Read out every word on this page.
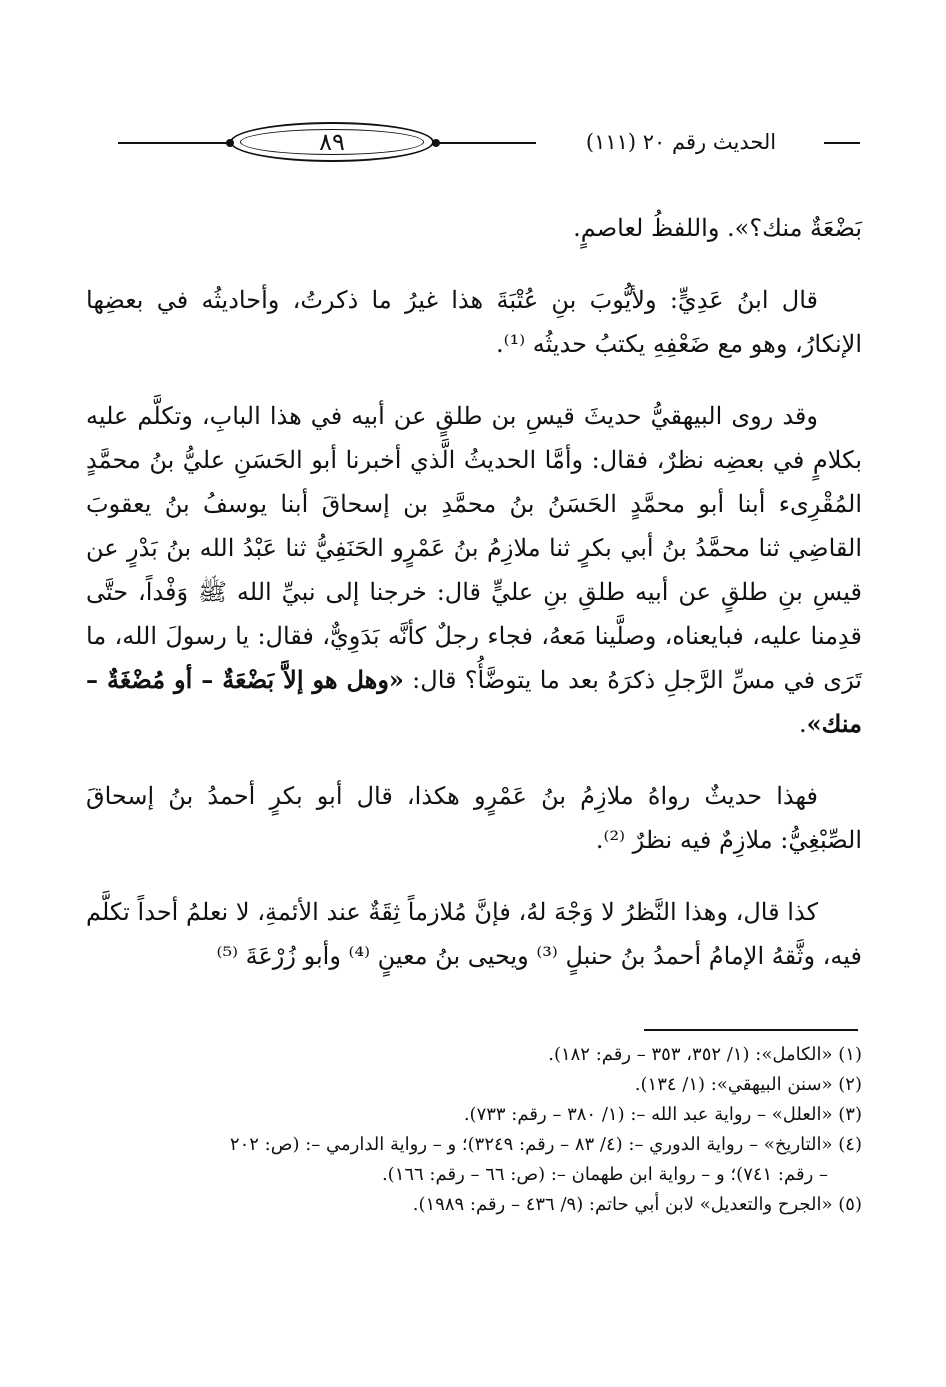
٨٩	الحديث رقم ٢٠ (١١١)

بَضْعَةٌ منك؟». واللفظُ لعاصمٍ.

قال ابنُ عَدِيٍّ: ولأيُّوبَ بنِ عُتْبَةَ هذا غيرُ ما ذكرتُ، وأحاديثُه في بعضِها الإنكارُ، وهو مع ضَعْفِهِ يكتبُ حديثُه ⁽¹⁾.

وقد روى البيهقيُّ حديثَ قيسِ بن طلقٍ عن أبيه في هذا البابِ، وتكلَّم عليه بكلامٍ في بعضِه نظرٌ، فقال: وأمَّا الحديثُ الَّذي أخبرنا أبو الحَسَنِ عليُّ بنُ محمَّدٍ المُقْرِىء أبنا أبو محمَّدٍ الحَسَنُ بنُ محمَّدِ بن إسحاقَ أبنا يوسفُ بنُ يعقوبَ القاضِي ثنا محمَّدُ بنُ أبي بكرٍ ثنا ملازِمُ بنُ عَمْرٍو الحَنَفِيُّ ثنا عَبْدُ الله بنُ بَدْرٍ عن قيسِ بنِ طلقٍ عن أبيه طلقِ بنِ عليٍّ قال: خرجنا إلى نبيِّ الله ﷺ وَفْداً، حتَّى قدِمنا عليه، فبايعناه، وصلَّينا مَعهُ، فجاء رجلٌ كأنَّه بَدَوِيٌّ، فقال: يا رسولَ الله، ما تَرَى في مسِّ الرَّجلِ ذكرَهُ بعد ما يتوضَّأُ؟ قال: «وهل هو إلاَّ بَضْعَةٌ – أو مُضْغَةٌ – منك».

فهذا حديثٌ رواهُ ملازِمُ بنُ عَمْرٍو هكذا، قال أبو بكرٍ أحمدُ بنُ إسحاقَ الصِّبْغِيُّ: ملازِمٌ فيه نظرٌ ⁽²⁾.

كذا قال، وهذا النَّظرُ لا وَجْهَ لهُ، فإنَّ مُلازماً ثِقَةٌ عند الأئمةِ، لا نعلمُ أحداً تكلَّم فيه، وثَّقهُ الإمامُ أحمدُ بنُ حنبلٍ ⁽³⁾ ويحيى بنُ معينٍ ⁽⁴⁾ وأبو زُرْعَةَ ⁽⁵⁾

(١) «الكامل»: (١/ ٣٥٢، ٣٥٣ – رقم: ١٨٢).

(٢) «سنن البيهقي»: (١/ ١٣٤).

(٣) «العلل» – رواية عبد الله –: (١/ ٣٨٠ – رقم: ٧٣٣).

(٤) «التاريخ» – رواية الدوري –: (٤/ ٨٣ – رقم: ٣٢٤٩)؛ و – رواية الدارمي –: (ص: ٢٠٢

– رقم: ٧٤١)؛ و – رواية ابن طهمان –: (ص: ٦٦ – رقم: ١٦٦).

(٥) «الجرح والتعديل» لابن أبي حاتم: (٩/ ٤٣٦ – رقم: ١٩٨٩).
